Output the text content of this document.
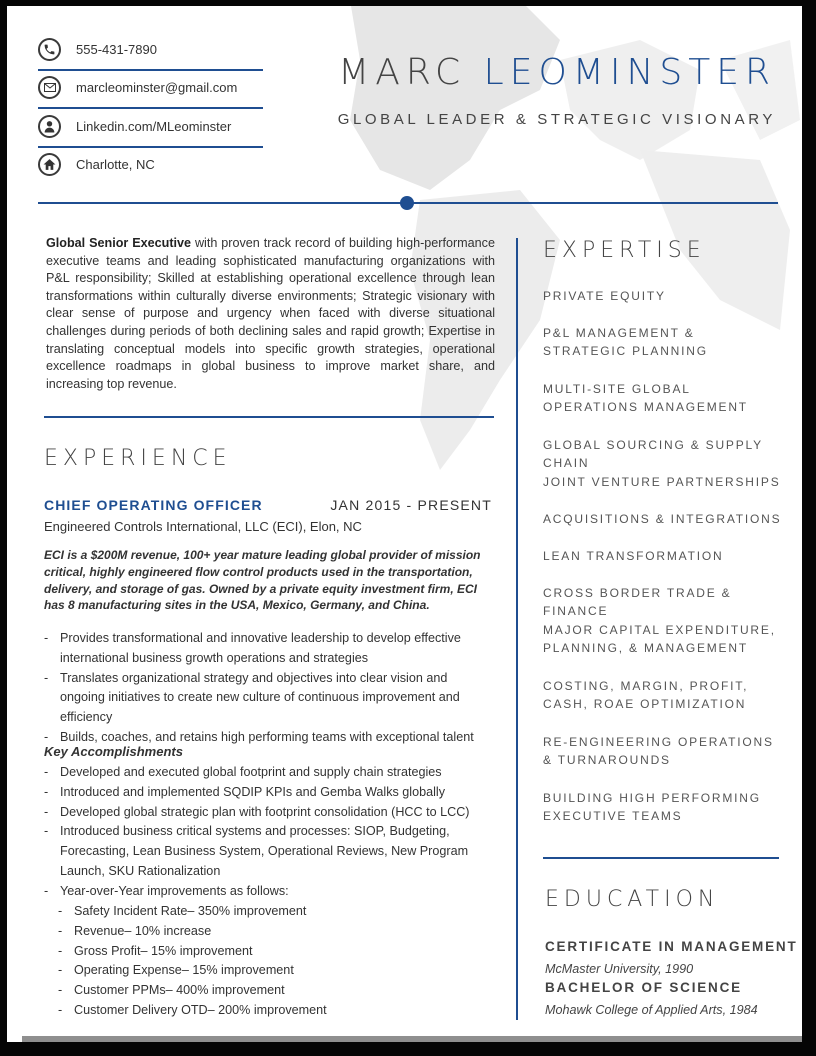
555-431-7890
marcleominster@gmail.com
Linkedin.com/MLeominster
Charlotte, NC
MARC LEOMINSTER
GLOBAL LEADER & STRATEGIC VISIONARY
Global Senior Executive with proven track record of building high-performance executive teams and leading sophisticated manufacturing organizations with P&L responsibility; Skilled at establishing operational excellence through lean transformations within culturally diverse environments; Strategic visionary with clear sense of purpose and urgency when faced with diverse situational challenges during periods of both declining sales and rapid growth; Expertise in translating conceptual models into specific growth strategies, operational excellence roadmaps in global business to improve market share, and increasing top revenue.
EXPERIENCE
CHIEF OPERATING OFFICER	JAN 2015 - PRESENT
Engineered Controls International, LLC (ECI), Elon, NC
ECI is a $200M revenue, 100+ year mature leading global provider of mission critical, highly engineered flow control products used in the transportation, delivery, and storage of gas. Owned by a private equity investment firm, ECI has 8 manufacturing sites in the USA, Mexico, Germany, and China.
- Provides transformational and innovative leadership to develop effective international business growth operations and strategies
- Translates organizational strategy and objectives into clear vision and ongoing initiatives to create new culture of continuous improvement and efficiency
- Builds, coaches, and retains high performing teams with exceptional talent
Key Accomplishments
- Developed and executed global footprint and supply chain strategies
- Introduced and implemented SQDIP KPIs and Gemba Walks globally
- Developed global strategic plan with footprint consolidation (HCC to LCC)
- Introduced business critical systems and processes: SIOP, Budgeting, Forecasting, Lean Business System, Operational Reviews, New Program Launch, SKU Rationalization
- Year-over-Year improvements as follows:
- Safety Incident Rate– 350% improvement
- Revenue– 10% increase
- Gross Profit– 15% improvement
- Operating Expense– 15% improvement
- Customer PPMs– 400% improvement
- Customer Delivery OTD– 200% improvement
EXPERTISE
PRIVATE EQUITY
P&L MANAGEMENT & STRATEGIC PLANNING
MULTI-SITE GLOBAL OPERATIONS MANAGEMENT
GLOBAL SOURCING & SUPPLY CHAIN
JOINT VENTURE PARTNERSHIPS
ACQUISITIONS & INTEGRATIONS
LEAN TRANSFORMATION
CROSS BORDER TRADE & FINANCE
MAJOR CAPITAL EXPENDITURE, PLANNING, & MANAGEMENT
COSTING, MARGIN, PROFIT, CASH, ROAE OPTIMIZATION
RE-ENGINEERING OPERATIONS & TURNAROUNDS
BUILDING HIGH PERFORMING EXECUTIVE TEAMS
EDUCATION
CERTIFICATE IN MANAGEMENT
McMaster University, 1990
BACHELOR OF SCIENCE
Mohawk College of Applied Arts, 1984
